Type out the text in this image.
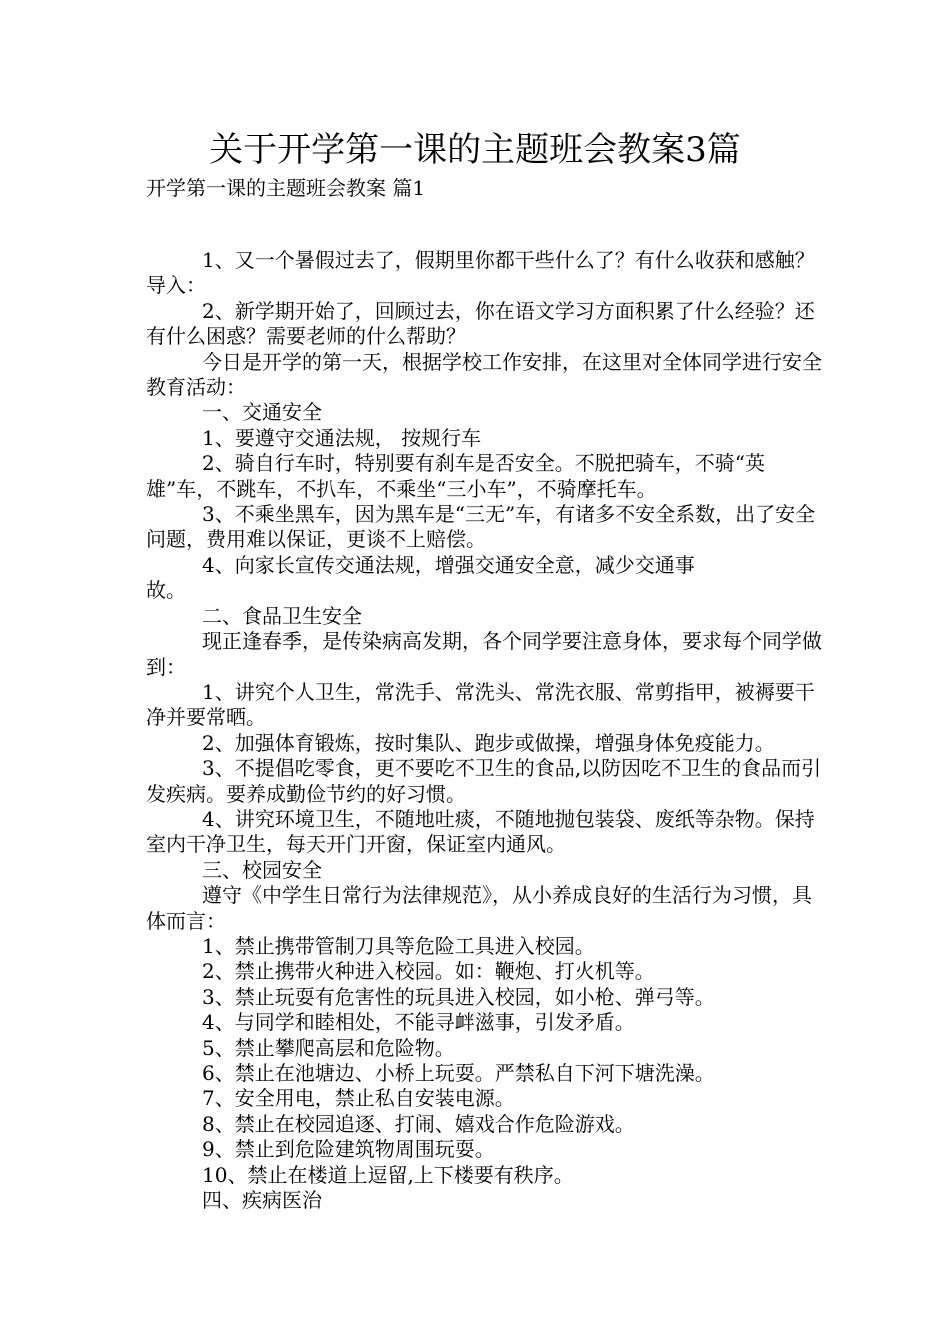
关于开学第一课的主题班会教案3篇
开学第一课的主题班会教案 篇1

1、又一个暑假过去了，假期里你都干些什么了？有什么收获和感触？ 导入：

2、新学期开始了，回顾过去，你在语文学习方面积累了什么经验？还有什么困惑？需要老师的什么帮助？

今日是开学的第一天，根据学校工作安排，在这里对全体同学进行安全教育活动：

一、交通安全

1、要遵守交通法规， 按规行车

2、骑自行车时，特别要有刹车是否安全。不脱把骑车，不骑“英雄”车，不跳车，不扒车，不乘坐“三小车”，不骑摩托车。

3、不乘坐黑车，因为黑车是“三无”车，有诸多不安全系数，出了安全问题，费用难以保证，更谈不上赔偿。

4、向家长宣传交通法规，增强交通安全意，减少交通事

故。

二、食品卫生安全

现正逢春季，是传染病高发期，各个同学要注意身体，要求每个同学做到：

1、讲究个人卫生，常洗手、常洗头、常洗衣服、常剪指甲，被褥要干净并要常晒。

2、加强体育锻炼，按时集队、跑步或做操，增强身体免疫能力。

3、不提倡吃零食，更不要吃不卫生的食品,以防因吃不卫生的食品而引发疾病。要养成勤俭节约的好习惯。

4、讲究环境卫生，不随地吐痰，不随地抛包装袋、废纸等杂物。保持室内干净卫生，每天开门开窗，保证室内通风。

三、校园安全

遵守《中学生日常行为法律规范》，从小养成良好的生活行为习惯，具体而言：

1、禁止携带管制刀具等危险工具进入校园。

2、禁止携带火种进入校园。如：鞭炮、打火机等。

3、禁止玩耍有危害性的玩具进入校园，如小枪、弹弓等。

4、与同学和睦相处，不能寻衅滋事，引发矛盾。

5、禁止攀爬高层和危险物。

6、禁止在池塘边、小桥上玩耍。严禁私自下河下塘洗澡。

7、安全用电，禁止私自安装电源。

8、禁止在校园追逐、打闹、嬉戏合作危险游戏。

9、禁止到危险建筑物周围玩耍。

10、禁止在楼道上逗留,上下楼要有秩序。

四、疾病医治
